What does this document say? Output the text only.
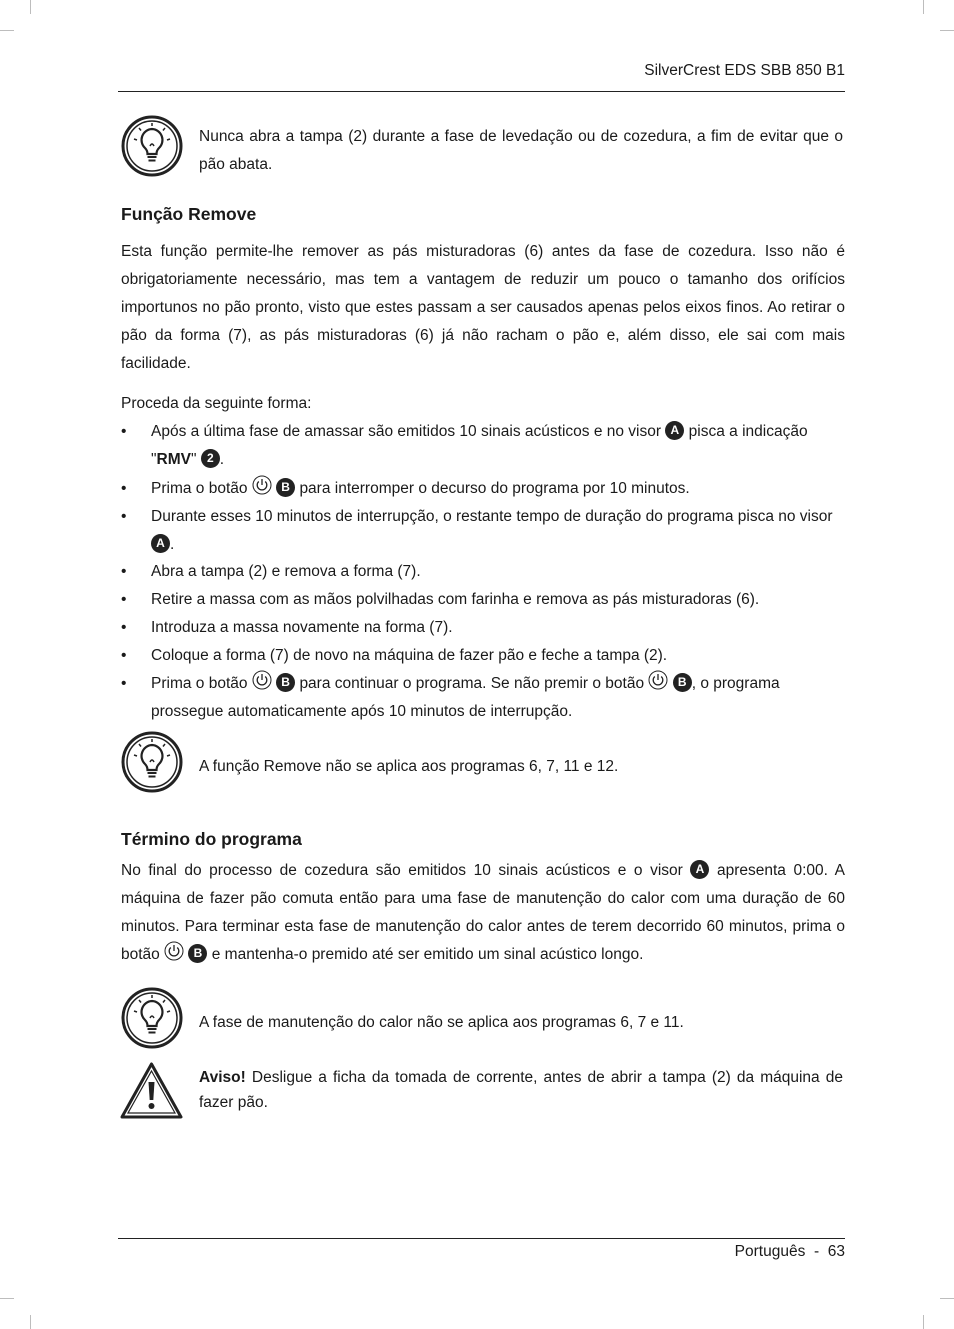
SilverCrest EDS SBB 850 B1
Nunca abra a tampa (2) durante a fase de levedação ou de cozedura, a fim de evitar que o pão abata.
Função Remove
Esta função permite-lhe remover as pás misturadoras (6) antes da fase de cozedura. Isso não é obrigatoriamente necessário, mas tem a vantagem de reduzir um pouco o tamanho dos orifícios importunos no pão pronto, visto que estes passam a ser causados apenas pelos eixos finos. Ao retirar o pão da forma (7), as pás misturadoras (6) já não racham o pão e, além disso, ele sai com mais facilidade.
Proceda da seguinte forma:
• Após a última fase de amassar são emitidos 10 sinais acústicos e no visor A pisca a indicação "RMV" 2 .
• Prima o botão	B para interromper o decurso do programa por 10 minutos.
• Durante esses 10 minutos de interrupção, o restante tempo de duração do programa pisca no visor A .
• Abra a tampa (2) e remova a forma (7).
• Retire a massa com as mãos polvilhadas com farinha e remova as pás misturadoras (6).
• Introduza a massa novamente na forma (7).
• Coloque a forma (7) de novo na máquina de fazer pão e feche a tampa (2).
• Prima o botão	B para continuar o programa. Se não premir o botão	B , o programa prossegue automaticamente após 10 minutos de interrupção.
A função Remove não se aplica aos programas 6, 7, 11 e 12.
Término do programa
No final do processo de cozedura são emitidos 10 sinais acústicos e o visor A apresenta 0:00. A máquina de fazer pão comuta então para uma fase de manutenção do calor com uma duração de 60 minutos. Para terminar esta fase de manutenção do calor antes de terem decorrido 60 minutos, prima o botão	B e mantenha-o premido até ser emitido um sinal acústico longo.
A fase de manutenção do calor não se aplica aos programas 6, 7 e 11.
Aviso! Desligue a ficha da tomada de corrente, antes de abrir a tampa (2) da máquina de fazer pão.
Português - 63
